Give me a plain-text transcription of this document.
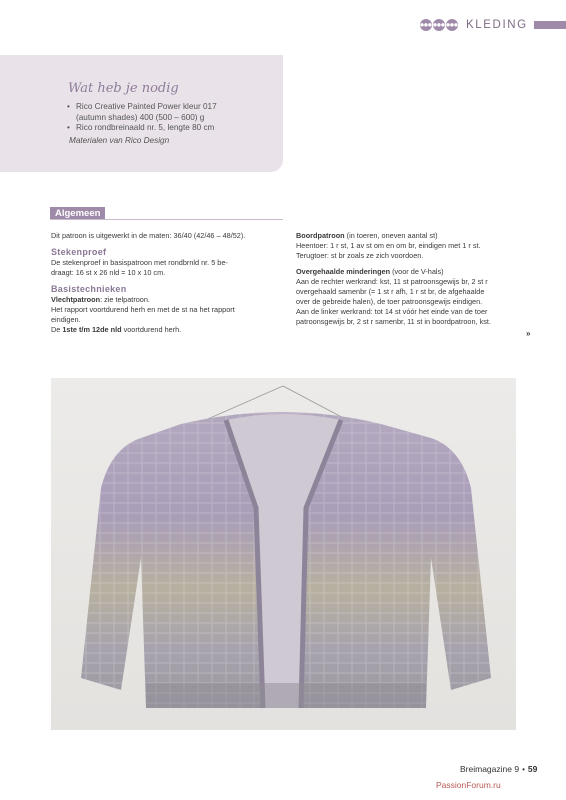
●●● ●●● ●●● KLEDING
Wat heb je nodig
• Rico Creative Painted Power kleur 017
(autumn shades) 400 (500 – 600) g
• Rico rondbreinaald nr. 5, lengte 80 cm
Materialen van Rico Design
Algemeen

Dit patroon is uitgewerkt in de maten: 36/40 (42/46 – 48/52).

Stekenproef

De stekenproef in basispatroon met rondbrnld nr. 5 be-

draagt: 16 st x 26 nld = 10 x 10 cm.

Basistechnieken

Vlechtpatroon: zie telpatroon.

Het rapport voortdurend herh en met de st na het rapport

eindigen.

De 1ste t/m 12de nld voortdurend herh.

Boordpatroon (in toeren, oneven aantal st)

Heentoer: 1 r st, 1 av st om en om br, eindigen met 1 r st.

Terugtoer: st br zoals ze zich voordoen.

Overgehaalde minderingen (voor de V-hals)

Aan de rechter werkrand: kst, 11 st patroonsgewijs br, 2 st r

overgehaald samenbr (= 1 st r afh, 1 r st br, de afgehaalde

over de gebreide halen), de toer patroonsgewijs eindigen.

Aan de linker werkrand: tot 14 st vóór het einde van de toer

patroonsgewijs br, 2 st r samenbr, 11 st in boordpatroon, kst.

»
Breimagazine 9 • 59
PassionForum.ru
